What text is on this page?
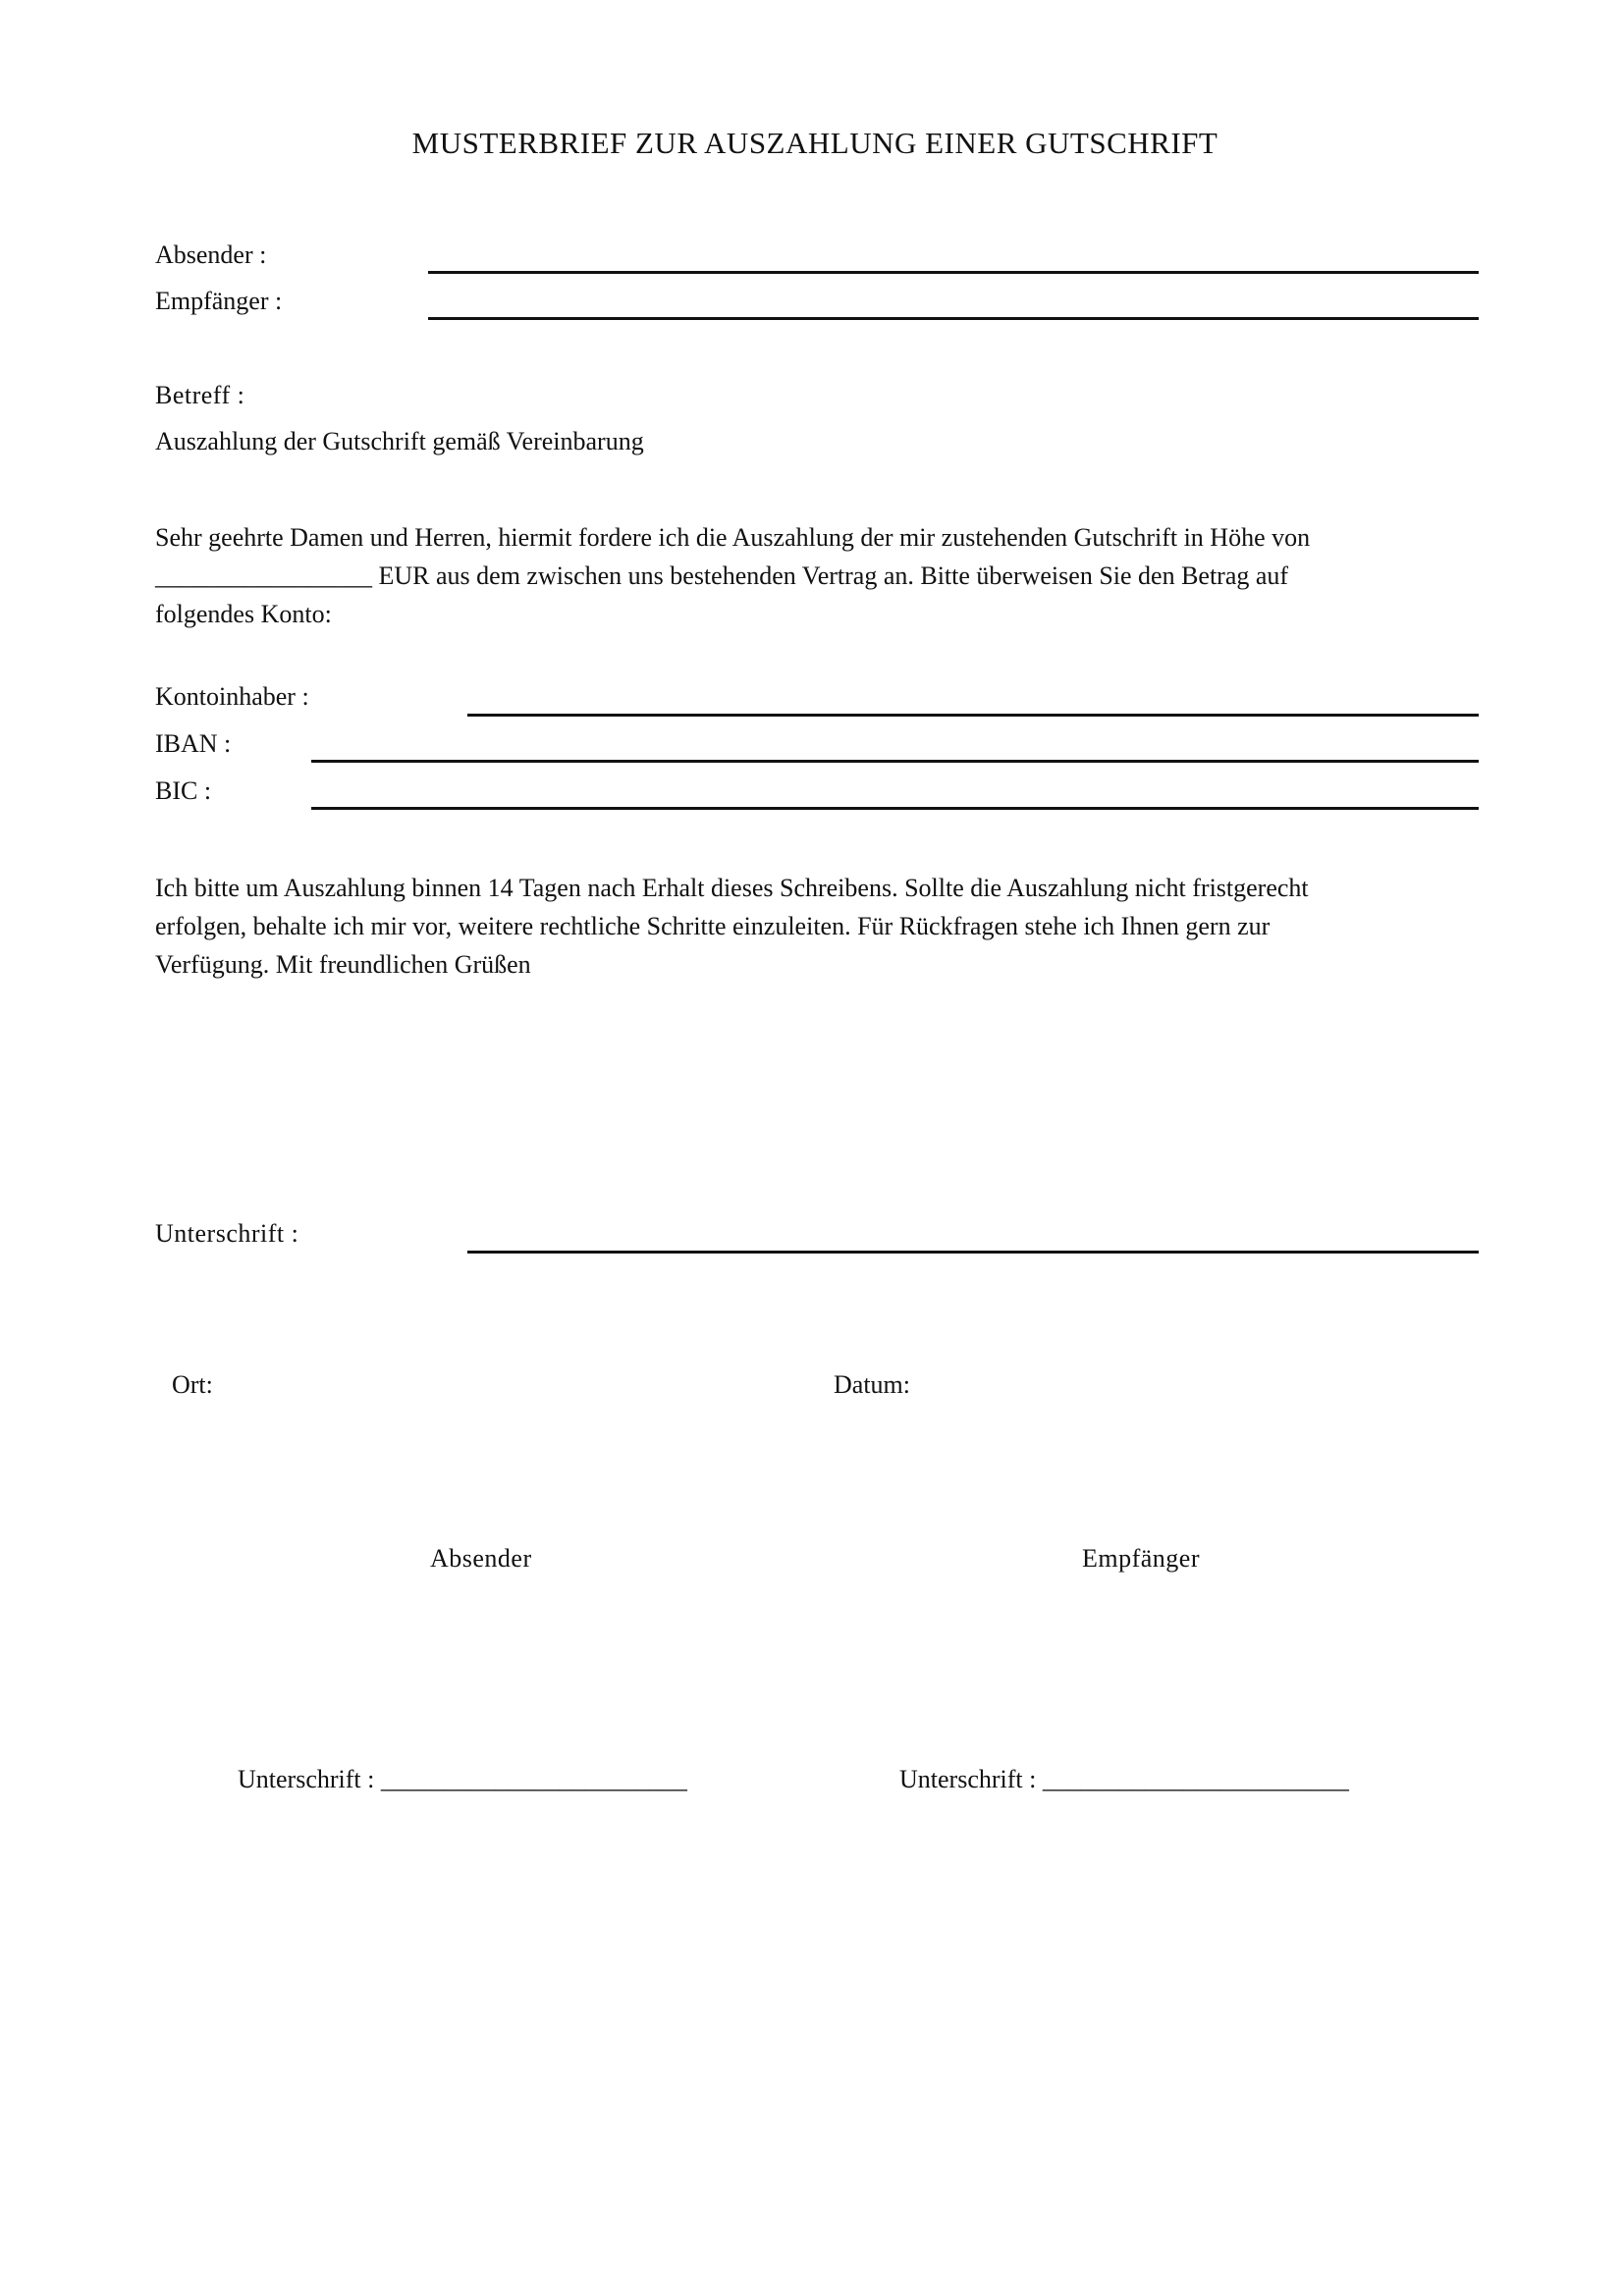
MUSTERBRIEF ZUR AUSZAHLUNG EINER GUTSCHRIFT
Absender :
Empfänger :
Betreff :
Auszahlung der Gutschrift gemäß Vereinbarung
Sehr geehrte Damen und Herren, hiermit fordere ich die Auszahlung der mir zustehenden Gutschrift in Höhe von
_________________ EUR aus dem zwischen uns bestehenden Vertrag an. Bitte überweisen Sie den Betrag auf
folgendes Konto:
Kontoinhaber :
IBAN :
BIC :
Ich bitte um Auszahlung binnen 14 Tagen nach Erhalt dieses Schreibens. Sollte die Auszahlung nicht fristgerecht
erfolgen, behalte ich mir vor, weitere rechtliche Schritte einzuleiten. Für Rückfragen stehe ich Ihnen gern zur
Verfügung. Mit freundlichen Grüßen
Unterschrift :
Ort:	Datum:
Absender	Empfänger
Unterschrift : ________________________	Unterschrift : ________________________
